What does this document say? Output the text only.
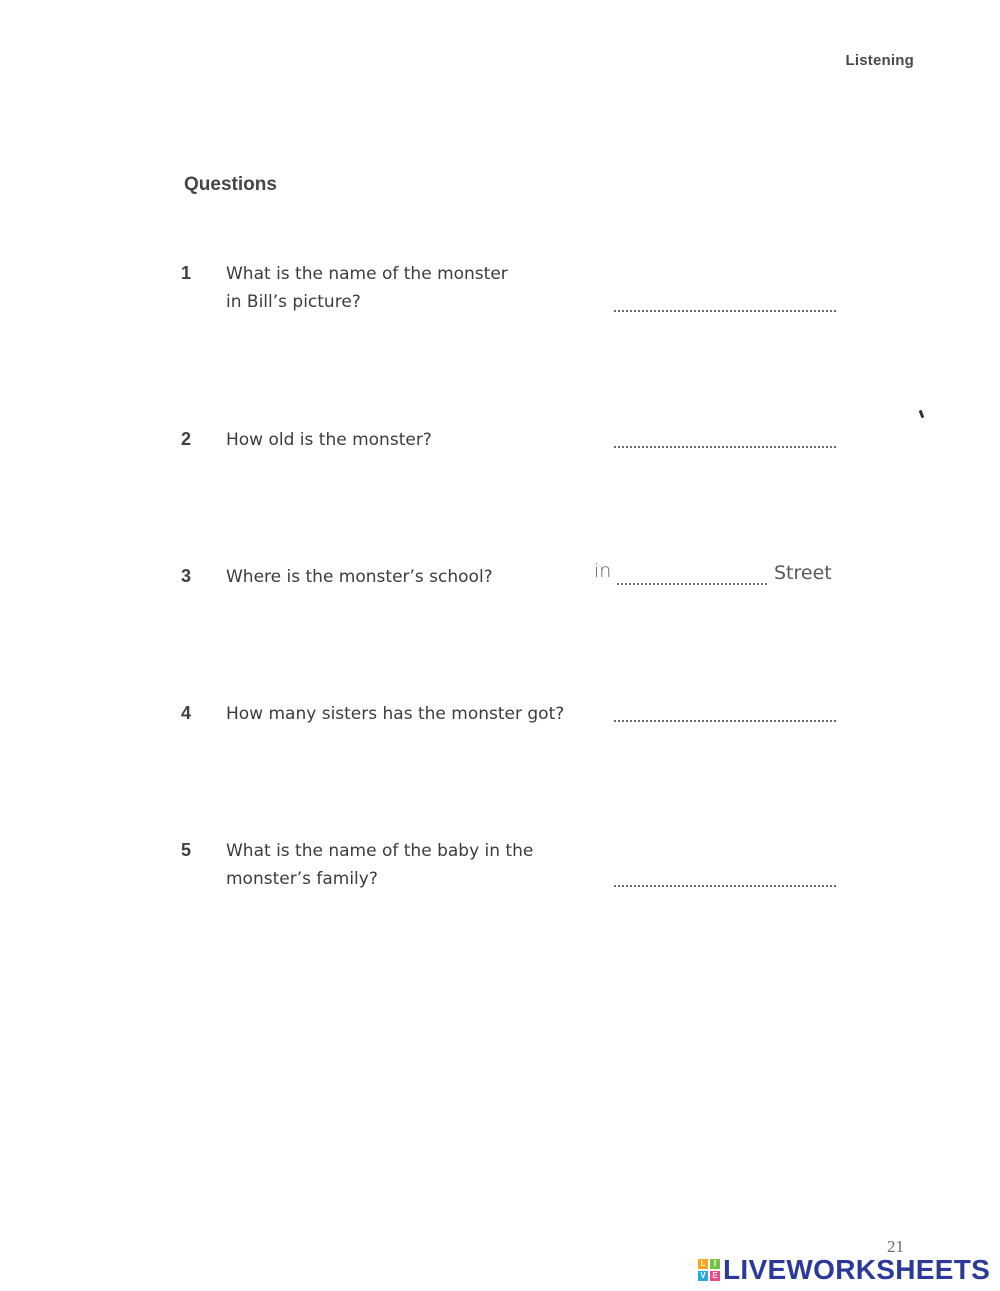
Listening
Questions
1 What is the name of the monster
in Bill’s picture?
2 How old is the monster?
3 Where is the monster’s school?	in	Street
4 How many sisters has the monster got?
5 What is the name of the baby in the
monster’s family?
21
L	I
V E LIVEWORKSHEETS
